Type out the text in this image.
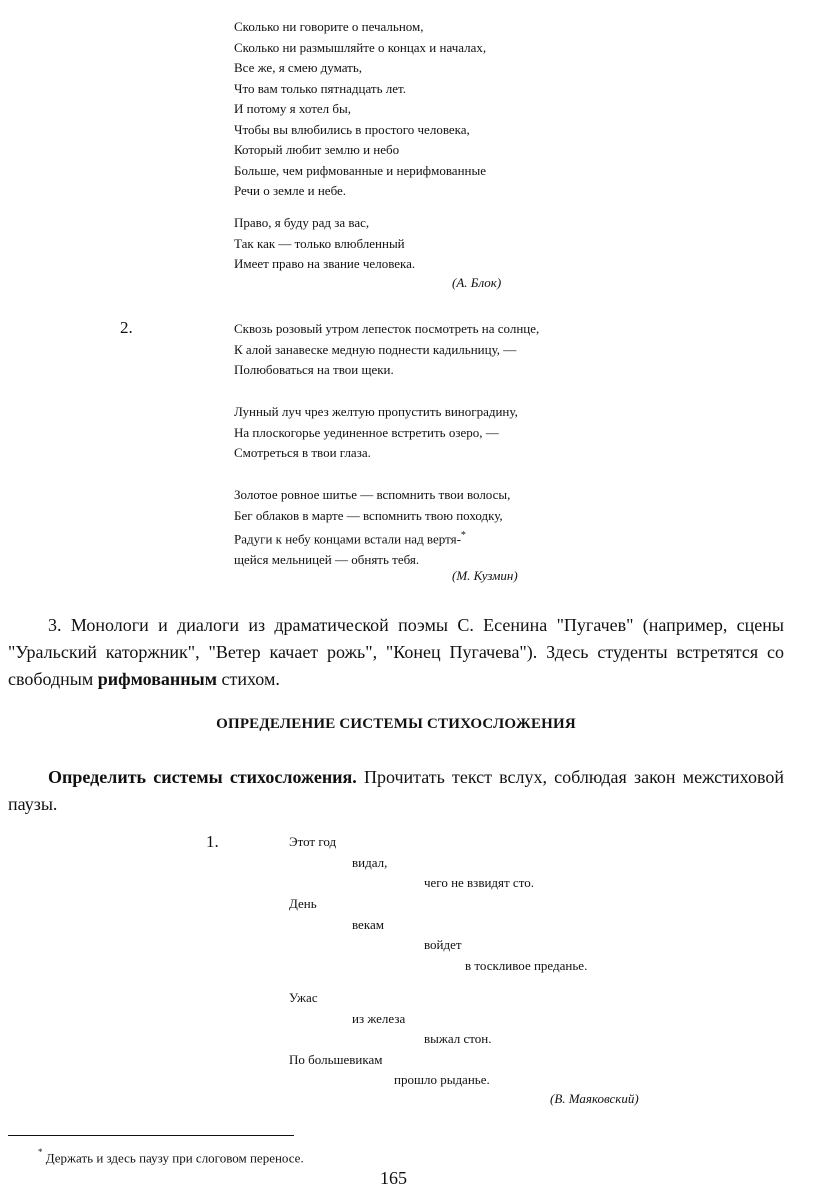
Сколько ни говорите о печальном,
Сколько ни размышляйте о концах и началах,
Все же, я смею думать,
Что вам только пятнадцать лет.
И потому я хотел бы,
Чтобы вы влюбились в простого человека,
Который любит землю и небо
Больше, чем рифмованные и нерифмованные
Речи о земле и небе.
Право, я буду рад за вас,
Так как — только влюбленный
Имеет право на звание человека.
(А. Блок)
2.	Сквозь розовый утром лепесток посмотреть на солнце,
К алой занавеске медную поднести кадильницу, —
Полюбоваться на твои щеки.
Лунный луч чрез желтую пропустить виноградину,
На плоскогорье уединенное встретить озеро, —
Смотреться в твои глаза.
Золотое ровное шитье — вспомнить твои волосы,
Бег облаков в марте — вспомнить твою походку,
Радуги к небу концами встали над вертя-*
щейся мельницей — обнять тебя.
(М. Кузмин)
3. Монологи и диалоги из драматической поэмы С. Есенина "Пугачев" (например, сцены "Уральский каторжник", "Ветер качает рожь", "Конец Пугачева"). Здесь студенты встретятся со свободным рифмованным стихом.
ОПРЕДЕЛЕНИЕ СИСТЕМЫ СТИХОСЛОЖЕНИЯ
Определить системы стихосложения. Прочитать текст вслух, соблюдая закон межстиховой паузы.
1.	Этот год
видал,
чего не взвидят сто.
День
векам
войдет
в тоскливое преданье.
Ужас
из железа
выжал стон.
По большевикам
прошло рыданье.
(В. Маяковский)
* Держать и здесь паузу при слоговом переносе.
165
